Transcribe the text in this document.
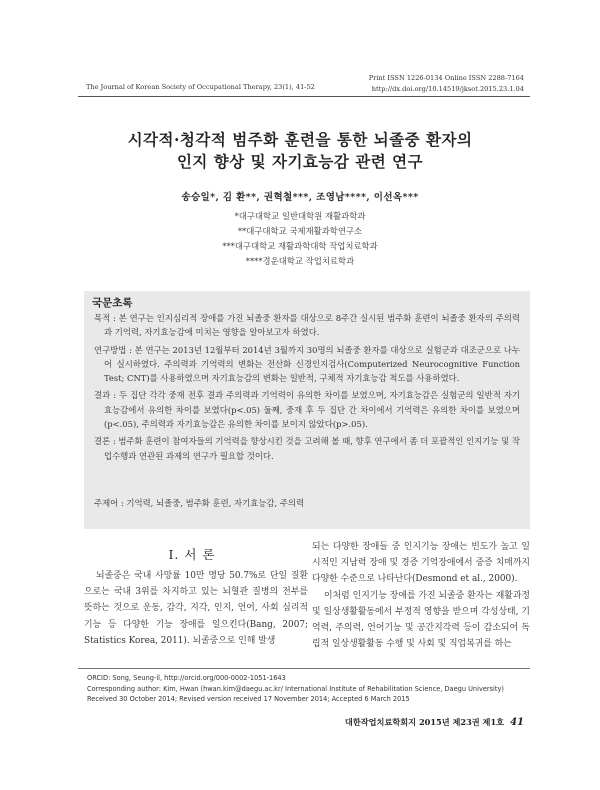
The Journal of Korean Society of Occupational Therapy, 23(1), 41-52
Print ISSN 1226-0134 Online ISSN 2288-7164
http://dx.doi.org/10.14519/jksot.2015.23.1.04
시각적·청각적 범주화 훈련을 통한 뇌졸중 환자의
인지 향상 및 자기효능감 관련 연구
송승일*, 김 환**, 권혁철***, 조영남****, 이선옥***
*대구대학교 일반대학원 재활과학과
**대구대학교 국제재활과학연구소
***대구대학교 재활과학대학 작업치료학과
****경운대학교 작업치료학과
국문초록

목적 : 본 연구는 인지심리적 장애를 가진 뇌졸중 환자를 대상으로 8주간 실시된 범주화 훈련이 뇌졸중 환자의 주의력과 기억력, 자기효능감에 미치는 영향을 알아보고자 하였다.

연구방법 : 본 연구는 2013년 12월부터 2014년 3월까지 30명의 뇌졸중 환자를 대상으로 실험군과 대조군으로 나누어 실시하였다. 주의력과 기억력의 변화는 전산화 신경인지검사(Computerized Neurocognitive Function Test; CNT)를 사용하였으며 자기효능감의 변화는 일반적, 구체적 자기효능감 척도를 사용하였다.

결과 : 두 집단 각각 중재 전후 결과 주의력과 기억력이 유의한 차이를 보였으며, 자기효능감은 실험군의 일반적 자기효능감에서 유의한 차이를 보였다(p<.05) 둘째, 중재 후 두 집단 간 차이에서 기억력은 유의한 차이를 보였으며(p<.05), 주의력과 자기효능감은 유의한 차이를 보이지 않았다(p>.05).

결론 : 범주화 훈련이 참여자들의 기억력을 향상시킨 것을 고려해 볼 때, 향후 연구에서 좀 더 포괄적인 인지기능 및 작업수행과 연관된 과제의 연구가 필요할 것이다.

주제어 : 기억력, 뇌졸중, 범주화 훈련, 자기효능감, 주의력
Ⅰ. 서 론

뇌졸중은 국내 사망률 10만 명당 50.7%로 단일 질환으로는 국내 3위를 차지하고 있는 뇌혈관 질병의 전부를 뜻하는 것으로 운동, 감각, 지각, 인지, 언어, 사회 심리적 기능 등 다양한 기능 장애를 일으킨다(Bang, 2007; Statistics Korea, 2011). 뇌졸중으로 인해 발생

되는 다양한 장애들 중 인지기능 장애는 빈도가 높고 일시적인 지남력 장애 및 경증 기억장애에서 중증 치매까지 다양한 수준으로 나타난다(Desmond et al., 2000).

이처럼 인지기능 장애를 가진 뇌졸중 환자는 재활과정 및 일상생활활동에서 부정적 영향을 받으며 각성상태, 기억력, 주의력, 언어기능 및 공간지각력 등이 감소되어 독립적 일상생활활동 수행 및 사회 및 직업복귀를 하는

ORCID: Song, Seung-il, http://orcid.org/000-0002-1051-1643
Corresponding author: Kim, Hwan (hwan.kim@daegu.ac.kr/ International Institute of Rehabilitation Science, Daegu University)
Received 30 October 2014; Revised version received 17 November 2014; Accepted 6 March 2015
대한작업치료학회지 2015년 제23권 제1호 41
